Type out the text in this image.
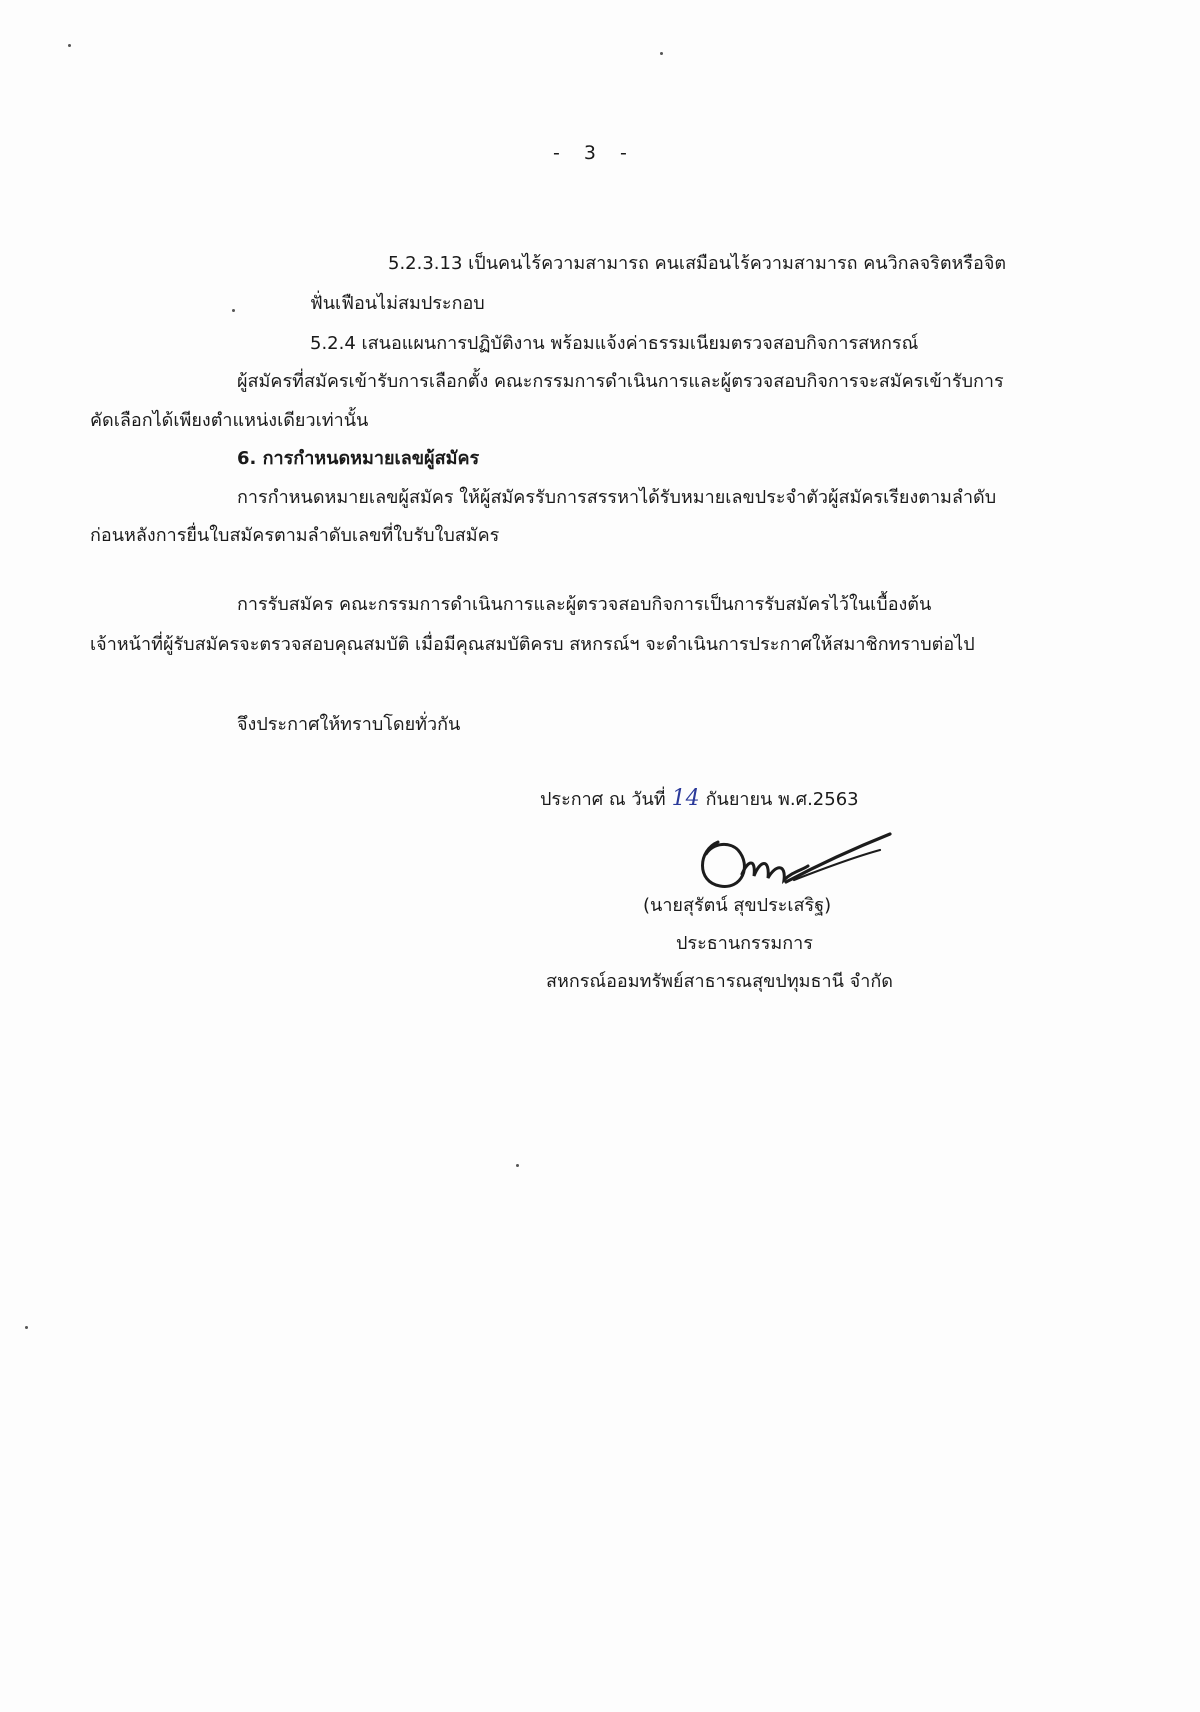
- 3 -
5.2.3.13 เป็นคนไร้ความสามารถ คนเสมือนไร้ความสามารถ คนวิกลจริตหรือจิต
ฟั่นเฟือนไม่สมประกอบ
5.2.4 เสนอแผนการปฏิบัติงาน พร้อมแจ้งค่าธรรมเนียมตรวจสอบกิจการสหกรณ์
ผู้สมัครที่สมัครเข้ารับการเลือกตั้ง คณะกรรมการดำเนินการและผู้ตรวจสอบกิจการจะสมัครเข้ารับการ
คัดเลือกได้เพียงตำแหน่งเดียวเท่านั้น
6. การกำหนดหมายเลขผู้สมัคร
การกำหนดหมายเลขผู้สมัคร ให้ผู้สมัครรับการสรรหาได้รับหมายเลขประจำตัวผู้สมัครเรียงตามลำดับ
ก่อนหลังการยื่นใบสมัครตามลำดับเลขที่ใบรับใบสมัคร
การรับสมัคร คณะกรรมการดำเนินการและผู้ตรวจสอบกิจการเป็นการรับสมัครไว้ในเบื้องต้น
เจ้าหน้าที่ผู้รับสมัครจะตรวจสอบคุณสมบัติ เมื่อมีคุณสมบัติครบ สหกรณ์ฯ จะดำเนินการประกาศให้สมาชิกทราบต่อไป
จึงประกาศให้ทราบโดยทั่วกัน
ประกาศ ณ วันที่ 14 กันยายน พ.ศ.2563
(นายสุรัตน์ สุขประเสริฐ)
ประธานกรรมการ
สหกรณ์ออมทรัพย์สาธารณสุขปทุมธานี จำกัด
